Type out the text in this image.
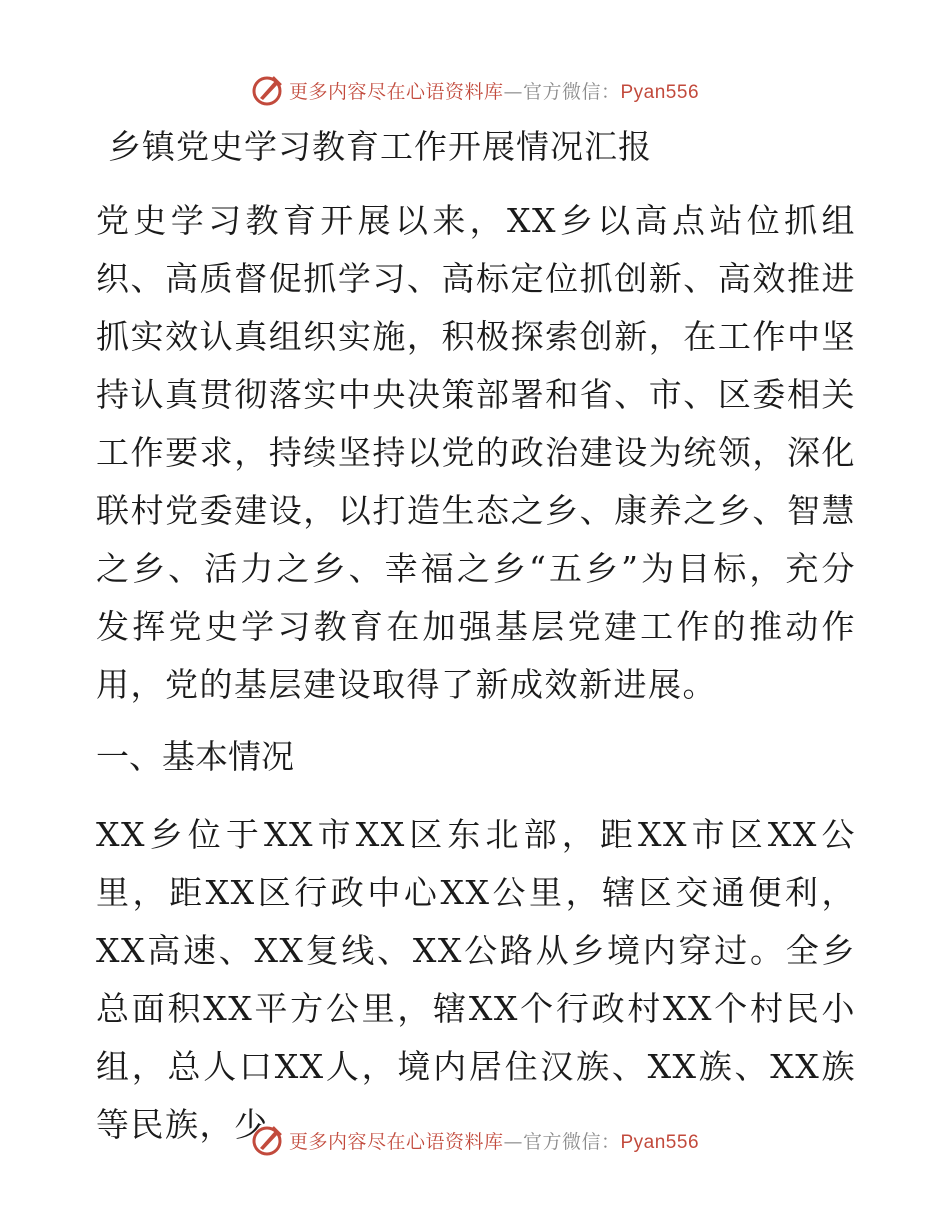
更多内容尽在心语资料库—官方微信：Pyan556
乡镇党史学习教育工作开展情况汇报

党史学习教育开展以来，XX乡以高点站位抓组织、高质督促抓学习、高标定位抓创新、高效推进抓实效认真组织实施，积极探索创新，在工作中坚持认真贯彻落实中央决策部署和省、市、区委相关工作要求，持续坚持以党的政治建设为统领，深化联村党委建设，以打造生态之乡、康养之乡、智慧之乡、活力之乡、幸福之乡“五乡”为目标，充分发挥党史学习教育在加强基层党建工作的推动作用，党的基层建设取得了新成效新进展。

一、基本情况

XX乡位于XX市XX区东北部，距XX市区XX公里，距XX区行政中心XX公里，辖区交通便利，XX高速、XX复线、XX公路从乡境内穿过。全乡总面积XX平方公里，辖XX个行政村XX个村民小组，总人口XX人，境内居住汉族、XX族、XX族等民族，少	更多内容尽在心语资料库—官方微信：Pyan556
